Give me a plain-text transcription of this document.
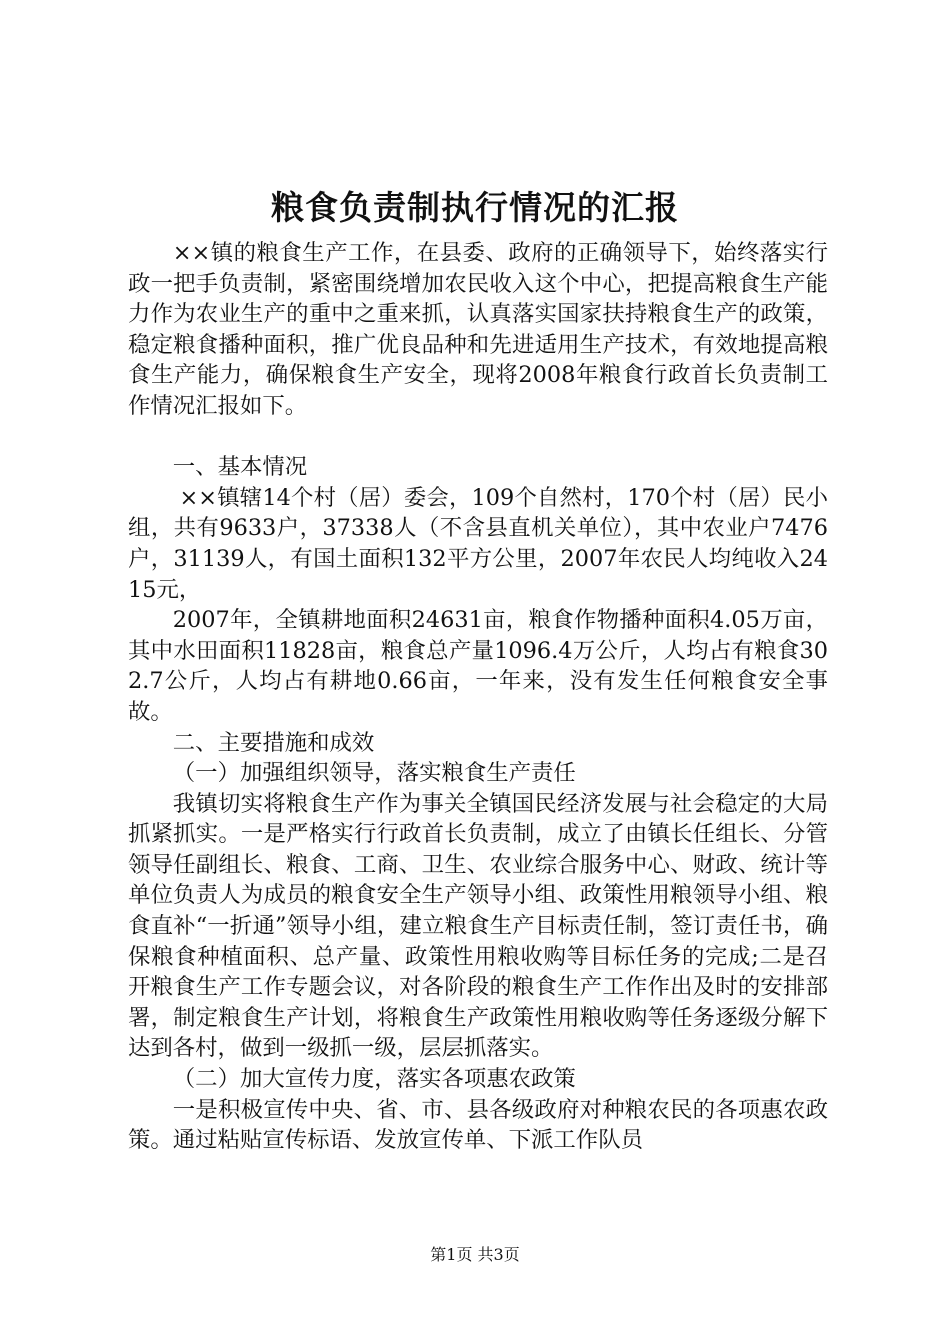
粮食负责制执行情况的汇报

××镇的粮食生产工作，在县委、政府的正确领导下，始终落实行政一把手负责制，紧密围绕增加农民收入这个中心，把提高粮食生产能力作为农业生产的重中之重来抓，认真落实国家扶持粮食生产的政策，稳定粮食播种面积，推广优良品种和先进适用生产技术，有效地提高粮食生产能力，确保粮食生产安全，现将2008年粮食行政首长负责制工作情况汇报如下。

一、基本情况

××镇辖14个村（居）委会，109个自然村，170个村（居）民小组，共有9633户，37338人（不含县直机关单位），其中农业户7476户，31139人，有国土面积132平方公里，2007年农民人均纯收入2415元，

2007年，全镇耕地面积24631亩，粮食作物播种面积4.05万亩，其中水田面积11828亩，粮食总产量1096.4万公斤，人均占有粮食302.7公斤，人均占有耕地0.66亩，一年来，没有发生任何粮食安全事故。

二、主要措施和成效

（一）加强组织领导，落实粮食生产责任

我镇切实将粮食生产作为事关全镇国民经济发展与社会稳定的大局抓紧抓实。一是严格实行行政首长负责制，成立了由镇长任组长、分管领导任副组长、粮食、工商、卫生、农业综合服务中心、财政、统计等单位负责人为成员的粮食安全生产领导小组、政策性用粮领导小组、粮食直补“一折通”领导小组，建立粮食生产目标责任制，签订责任书，确保粮食种植面积、总产量、政策性用粮收购等目标任务的完成;二是召开粮食生产工作专题会议，对各阶段的粮食生产工作作出及时的安排部署，制定粮食生产计划，将粮食生产政策性用粮收购等任务逐级分解下达到各村，做到一级抓一级，层层抓落实。

（二）加大宣传力度，落实各项惠农政策

一是积极宣传中央、省、市、县各级政府对种粮农民的各项惠农政策。通过粘贴宣传标语、发放宣传单、下派工作队员

第1页 共3页
